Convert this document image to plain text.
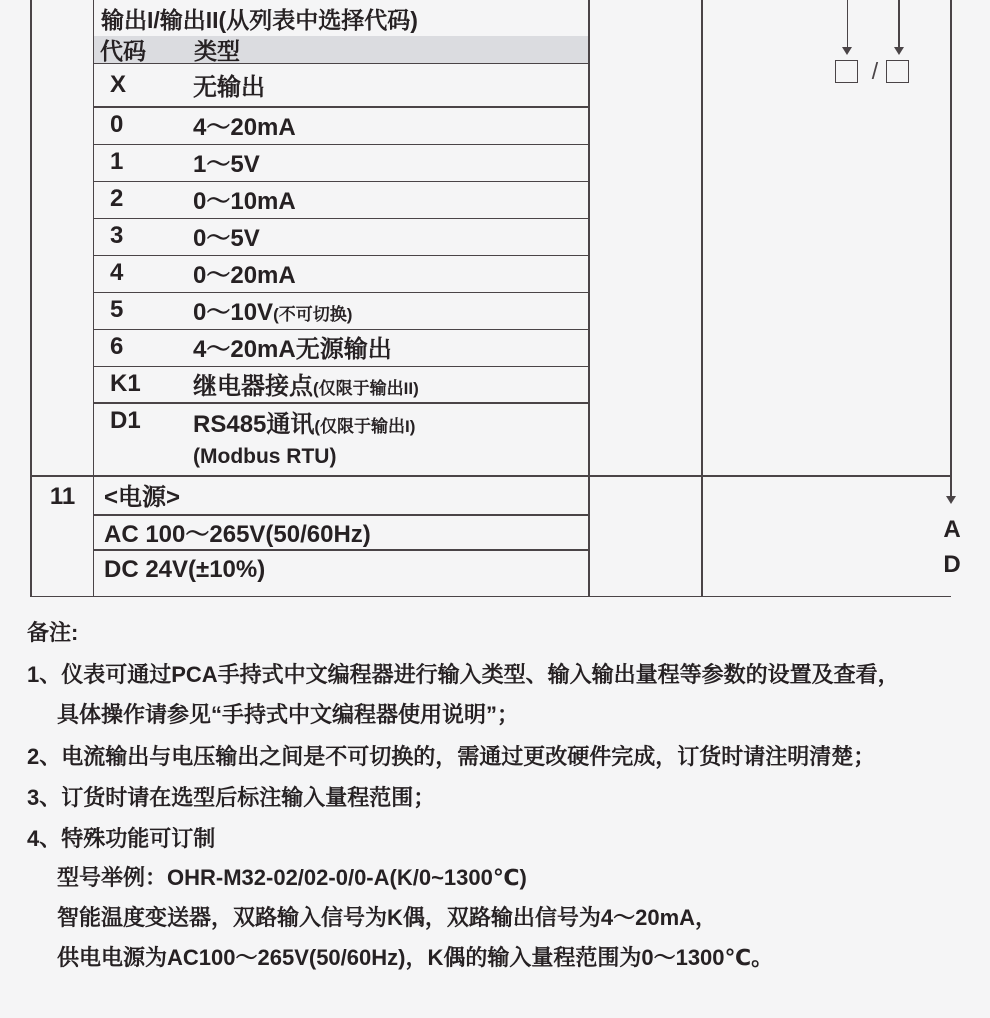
输出I/输出II(从列表中选择代码)
代码	类型
X	无输出
0	4～20mA
1	1～5V
2	0～10mA
3	0～5V
4	0～20mA
5	0～10V(不可切换)
6	4～20mA无源输出
K1	继电器接点(仅限于输出II)
D1	RS485通讯(仅限于输出I)
(Modbus RTU)
11	<电源>
AC 100～265V(50/60Hz)
DC 24V(±10%)
/
A
D
备注:
1、仪表可通过PCA手持式中文编程器进行输入类型、输入输出量程等参数的设置及查看，
具体操作请参见“手持式中文编程器使用说明”；
2、电流输出与电压输出之间是不可切换的，需通过更改硬件完成，订货时请注明清楚；
3、订货时请在选型后标注输入量程范围；
4、特殊功能可订制
型号举例：OHR-M32-02/02-0/0-A(K/0~1300℃)
智能温度变送器，双路输入信号为K偶，双路输出信号为4～20mA，
供电电源为AC100～265V(50/60Hz)，K偶的输入量程范围为0～1300℃。
